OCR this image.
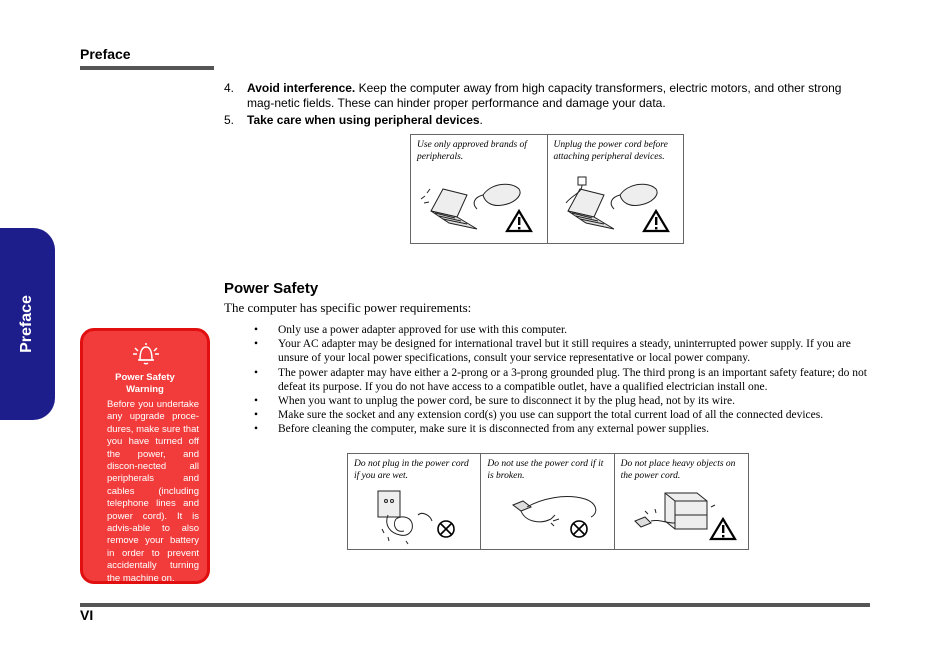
Preface
Preface
4. Avoid interference. Keep the computer away from high capacity transformers, electric motors, and other strong mag-netic fields. These can hinder proper performance and damage your data.
5. Take care when using peripheral devices.
Use only approved brands of peripherals.
Unplug the power cord before attaching peripheral devices.
Power Safety
The computer has specific power requirements:
• Only use a power adapter approved for use with this computer.
• Your AC adapter may be designed for international travel but it still requires a steady, uninterrupted power supply. If you are unsure of your local power specifications, consult your service representative or local power company.
• The power adapter may have either a 2-prong or a 3-prong grounded plug. The third prong is an important safety feature; do not defeat its purpose. If you do not have access to a compatible outlet, have a qualified electrician install one.
• When you want to unplug the power cord, be sure to disconnect it by the plug head, not by its wire.
• Make sure the socket and any extension cord(s) you use can support the total current load of all the connected devices.
• Before cleaning the computer, make sure it is disconnected from any external power supplies.
Do not plug in the power cord if you are wet.
Do not use the power cord if it is broken.
Do not place heavy objects on the power cord.
Power Safety
Warning
Before you undertake any upgrade proce-dures, make sure that you have turned off the power, and discon-nected all peripherals and cables (including telephone lines and power cord). It is advis-able to also remove your battery in order to prevent accidentally turning the machine on.
VI
